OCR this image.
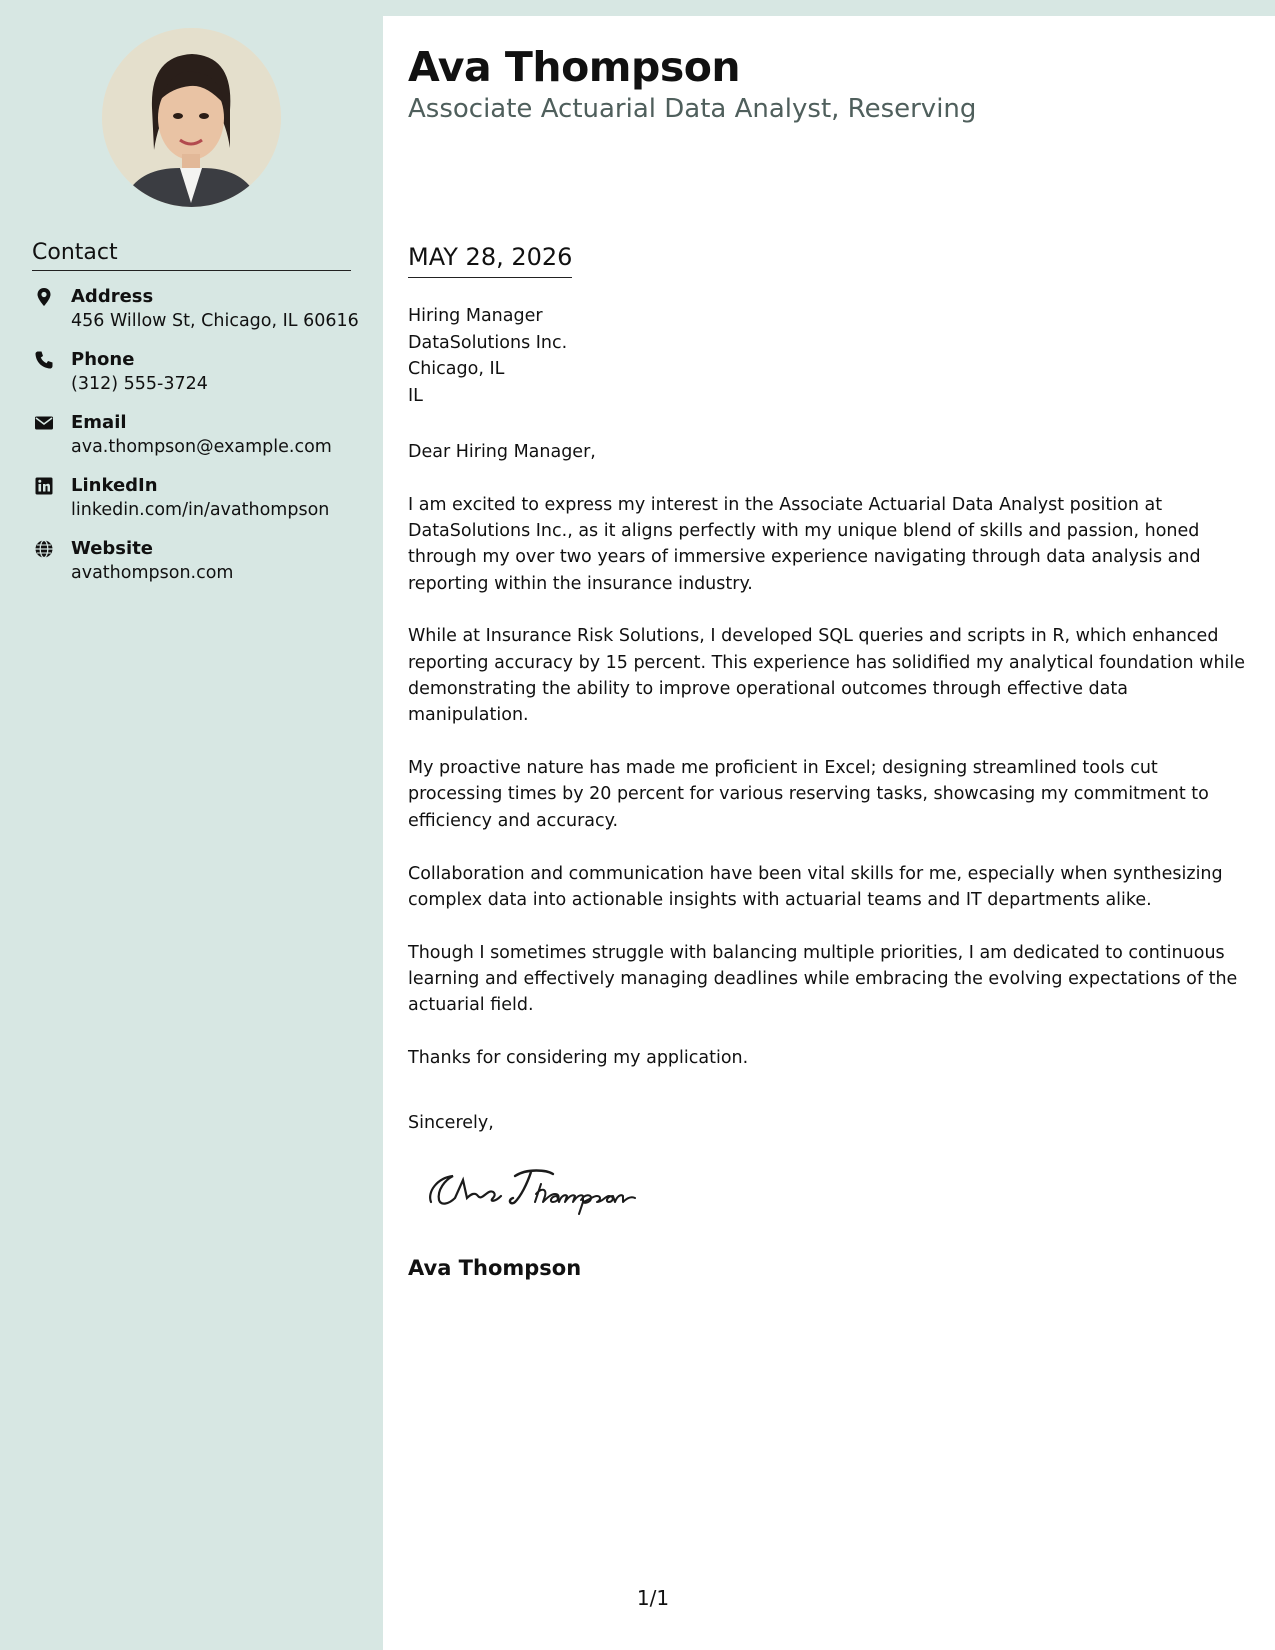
Contact
Address
456 Willow St, Chicago, IL 60616
Phone
(312) 555-3724
Email
ava.thompson@example.com
LinkedIn
linkedin.com/in/avathompson
Website
avathompson.com
Ava Thompson
Associate Actuarial Data Analyst, Reserving
MAY 28, 2026
Hiring Manager
DataSolutions Inc.
Chicago, IL
IL

Dear Hiring Manager,

I am excited to express my interest in the Associate Actuarial Data Analyst position at DataSolutions Inc., as it aligns perfectly with my unique blend of skills and passion, honed through my over two years of immersive experience navigating through data analysis and reporting within the insurance industry.

While at Insurance Risk Solutions, I developed SQL queries and scripts in R, which enhanced reporting accuracy by 15 percent. This experience has solidified my analytical foundation while demonstrating the ability to improve operational outcomes through effective data manipulation.

My proactive nature has made me proficient in Excel; designing streamlined tools cut processing times by 20 percent for various reserving tasks, showcasing my commitment to efficiency and accuracy.

Collaboration and communication have been vital skills for me, especially when synthesizing complex data into actionable insights with actuarial teams and IT departments alike.

Though I sometimes struggle with balancing multiple priorities, I am dedicated to continuous learning and effectively managing deadlines while embracing the evolving expectations of the actuarial field.

Thanks for considering my application.

Sincerely,
Ava Thompson
1/1
